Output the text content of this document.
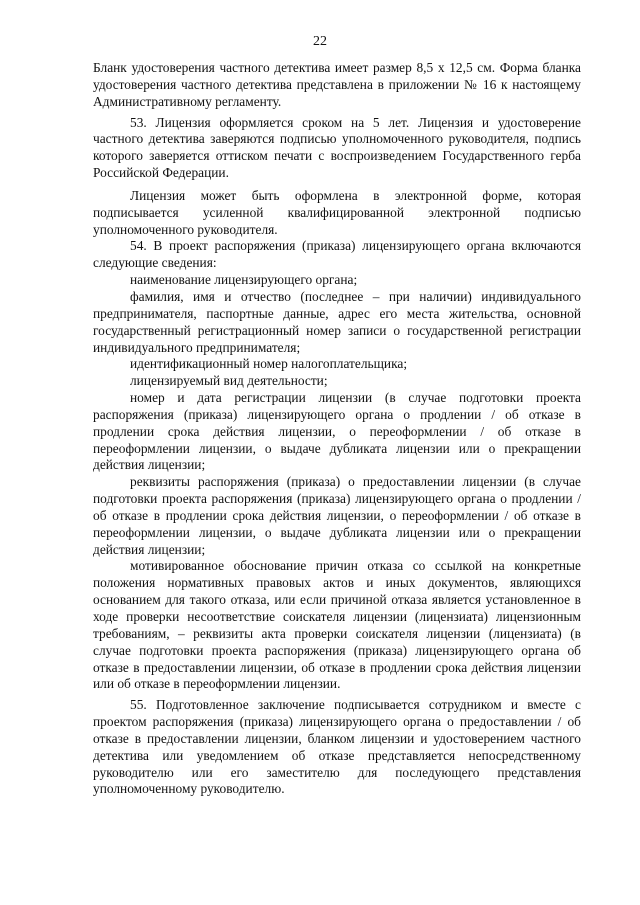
22

Бланк удостоверения частного детектива имеет размер 8,5 х 12,5 см. Форма бланка удостоверения частного детектива представлена в приложении № 16 к настоящему Административному регламенту.

53. Лицензия оформляется сроком на 5 лет. Лицензия и удостоверение частного детектива заверяются подписью уполномоченного руководителя, подпись которого заверяется оттиском печати с воспроизведением Государственного герба Российской Федерации.

Лицензия может быть оформлена в электронной форме, которая подписывается усиленной квалифицированной электронной подписью уполномоченного руководителя.

54. В проект распоряжения (приказа) лицензирующего органа включаются следующие сведения:

наименование лицензирующего органа;

фамилия, имя и отчество (последнее – при наличии) индивидуального предпринимателя, паспортные данные, адрес его места жительства, основной государственный регистрационный номер записи о государственной регистрации индивидуального предпринимателя;

идентификационный номер налогоплательщика;

лицензируемый вид деятельности;

номер и дата регистрации лицензии (в случае подготовки проекта распоряжения (приказа) лицензирующего органа о продлении / об отказе в продлении срока действия лицензии, о переоформлении / об отказе в переоформлении лицензии, о выдаче дубликата лицензии или о прекращении действия лицензии;

реквизиты распоряжения (приказа) о предоставлении лицензии (в случае подготовки проекта распоряжения (приказа) лицензирующего органа о продлении / об отказе в продлении срока действия лицензии, о переоформлении / об отказе в переоформлении лицензии, о выдаче дубликата лицензии или о прекращении действия лицензии;

мотивированное обоснование причин отказа со ссылкой на конкретные положения нормативных правовых актов и иных документов, являющихся основанием для такого отказа, или если причиной отказа является установленное в ходе проверки несоответствие соискателя лицензии (лицензиата) лицензионным требованиям, – реквизиты акта проверки соискателя лицензии (лицензиата) (в случае подготовки проекта распоряжения (приказа) лицензирующего органа об отказе в предоставлении лицензии, об отказе в продлении срока действия лицензии или об отказе в переоформлении лицензии.

55. Подготовленное заключение подписывается сотрудником и вместе с проектом распоряжения (приказа) лицензирующего органа о предоставлении / об отказе в предоставлении лицензии, бланком лицензии и удостоверением частного детектива или уведомлением об отказе представляется непосредственному руководителю или его заместителю для последующего представления уполномоченному руководителю.
